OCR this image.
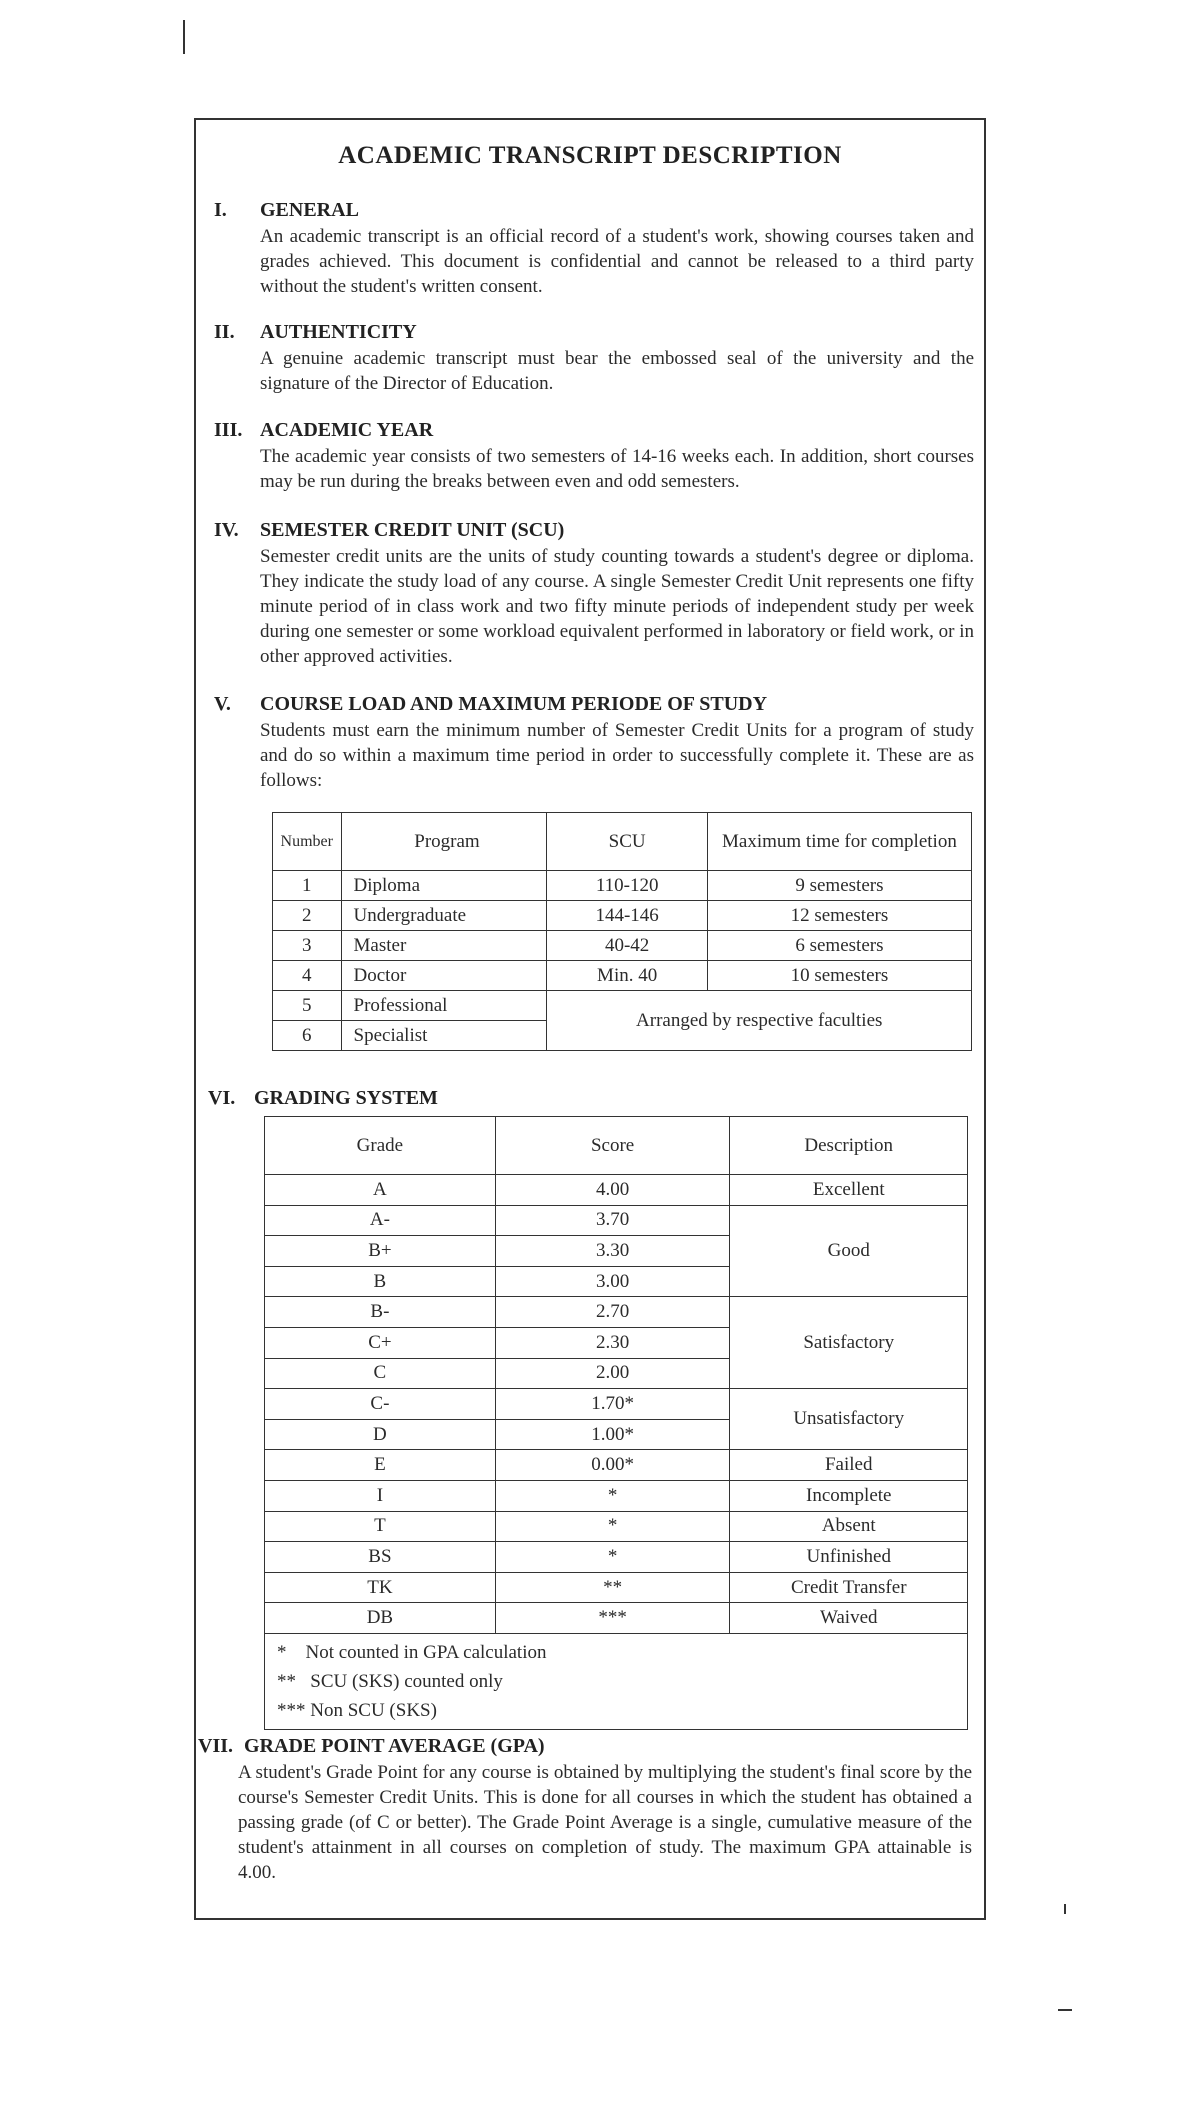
ACADEMIC TRANSCRIPT DESCRIPTION
I.	GENERAL
An academic transcript is an official record of a student's work, showing courses taken and grades achieved. This document is confidential and cannot be released to a third party without the student's written consent.
II.	AUTHENTICITY
A genuine academic transcript must bear the embossed seal of the university and the signature of the Director of Education.
III. ACADEMIC YEAR
The academic year consists of two semesters of 14-16 weeks each. In addition, short courses may be run during the breaks between even and odd semesters.
IV.	SEMESTER CREDIT UNIT (SCU)
Semester credit units are the units of study counting towards a student's degree or diploma. They indicate the study load of any course. A single Semester Credit Unit represents one fifty minute period of in class work and two fifty minute periods of independent study per week during one semester or some workload equivalent performed in laboratory or field work, or in other approved activities.
V.	COURSE LOAD AND MAXIMUM PERIODE OF STUDY
Students must earn the minimum number of Semester Credit Units for a program of study and do so within a maximum time period in order to successfully complete it. These are as follows:
Number	Program	SCU	Maximum time for completion
1	Diploma	110-120	9 semesters
2	Undergraduate	144-146	12 semesters
3	Master	40-42	6 semesters
4	Doctor	Min. 40	10 semesters
5	Professional	Arranged by respective faculties	
6	Specialist		
VI. GRADING SYSTEM
Grade	Score	Description
A	4.00	Excellent
A-	3.70	Good
B+	3.30	
B	3.00	
B-	2.70	Satisfactory
C+	2.30	
C	2.00	
C-	1.70*	Unsatisfactory
D	1.00*	
E	0.00*	Failed
I	*	Incomplete
T	*	Absent
BS	*	Unfinished
TK	**	Credit Transfer
DB	***	Waived

*    Not counted in GPA calculation
**   SCU (SKS) counted only
*** Non SCU (SKS)		
VII. GRADE POINT AVERAGE (GPA)
A student's Grade Point for any course is obtained by multiplying the student's final score by the course's Semester Credit Units. This is done for all courses in which the student has obtained a passing grade (of C or better). The Grade Point Average is a single, cumulative measure of the student's attainment in all courses on completion of study. The maximum GPA attainable is 4.00.
